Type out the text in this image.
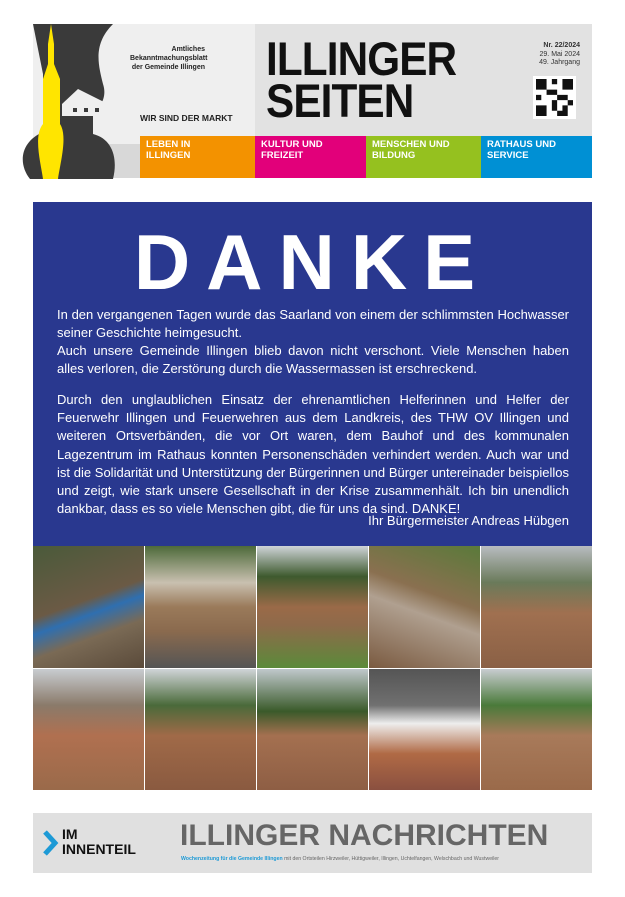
Amtliches
Bekanntmachungsblatt
der Gemeinde Illingen
WIR SIND DER MARKT
ILLINGER
SEITEN
Nr. 22/2024
29. Mai 2024
49. Jahrgang
LEBEN IN
ILLINGEN
KULTUR UND
FREIZEIT
MENSCHEN UND
BILDUNG
RATHAUS UND
SERVICE
DANKE
In den vergangenen Tagen wurde das Saarland von einem der schlimmsten Hochwasser seiner Geschichte heimgesucht.
Auch unsere Gemeinde Illingen blieb davon nicht verschont. Viele Menschen haben alles verloren, die Zerstörung durch die Wassermassen ist erschreckend.
Durch den unglaublichen Einsatz der ehrenamtlichen Helferinnen und Helfer der Feuerwehr Illingen und Feuerwehren aus dem Landkreis, des THW OV Illingen und weiteren Ortsverbänden, die vor Ort waren, dem Bauhof und des kommunalen Lagezentrum im Rathaus konnten Personenschäden verhindert werden. Auch war und ist die Solidarität und Unterstützung der Bürgerinnen und Bürger untereinader beispiellos und zeigt, wie stark unsere Gesellschaft in der Krise zusammenhält. Ich bin unendlich dankbar, dass es so viele Menschen gibt, die für uns da sind. DANKE!
Ihr Bürgermeister Andreas Hübgen
IM
INNENTEIL ILLINGER NACHRICHTEN
Wochenzeitung für die Gemeinde Illingen mit den Ortsteilen Hirzweiler, Hüttigweiler, Illingen, Uchtelfangen, Welschbach und Wustweiler
